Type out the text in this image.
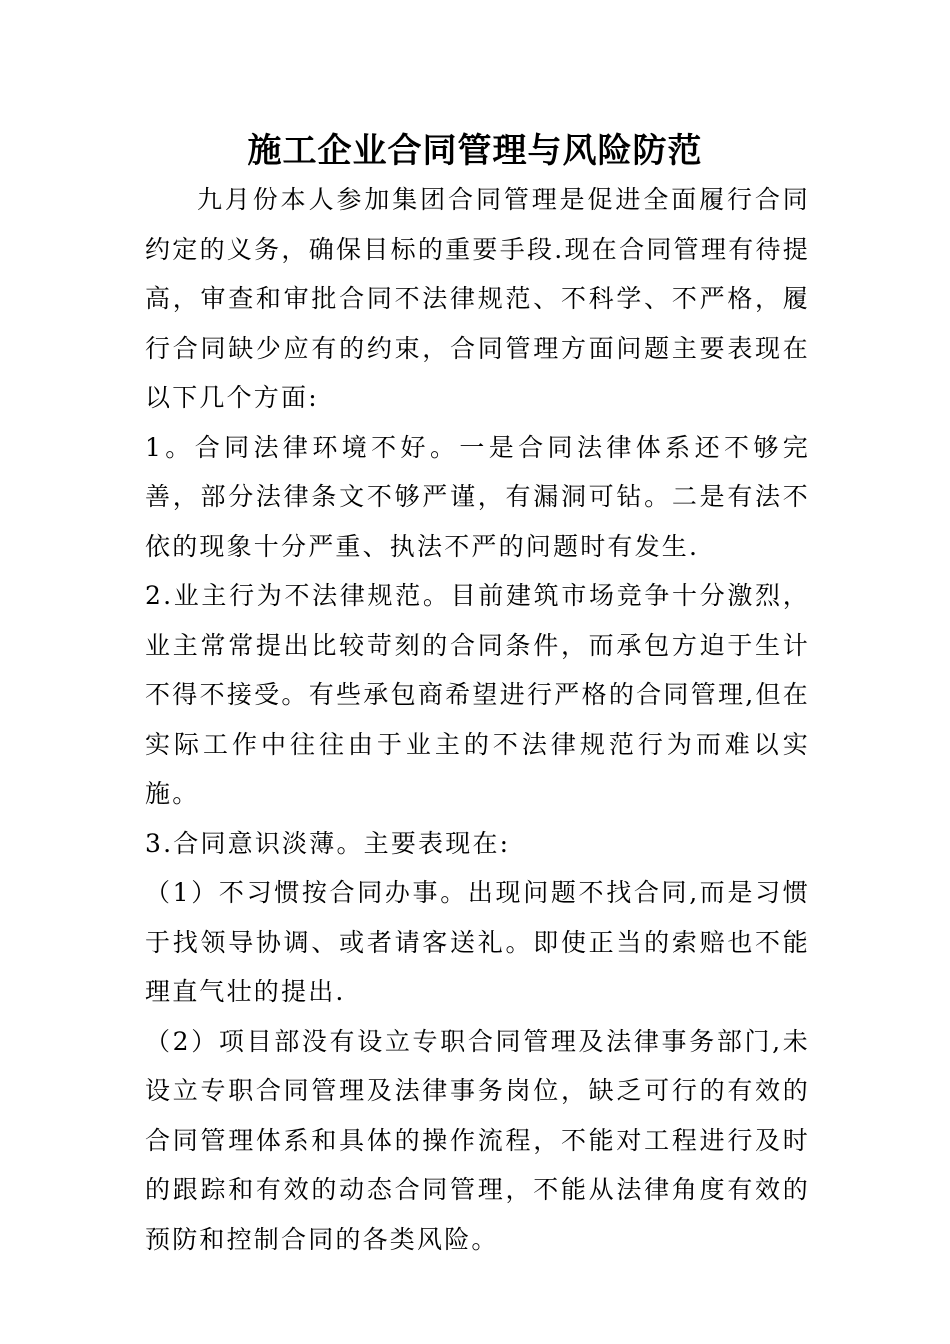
施工企业合同管理与风险防范

九月份本人参加集团合同管理是促进全面履行合同约定的义务，确保目标的重要手段.现在合同管理有待提高，审查和审批合同不法律规范、不科学、不严格，履行合同缺少应有的约束，合同管理方面问题主要表现在以下几个方面:

1。合同法律环境不好。一是合同法律体系还不够完善，部分法律条文不够严谨，有漏洞可钻。二是有法不依的现象十分严重、执法不严的问题时有发生.

2.业主行为不法律规范。目前建筑市场竞争十分激烈，业主常常提出比较苛刻的合同条件，而承包方迫于生计不得不接受。有些承包商希望进行严格的合同管理,但在实际工作中往往由于业主的不法律规范行为而难以实施。

3.合同意识淡薄。主要表现在:

（1）不习惯按合同办事。出现问题不找合同,而是习惯于找领导协调、或者请客送礼。即使正当的索赔也不能理直气壮的提出.

（2）项目部没有设立专职合同管理及法律事务部门,未设立专职合同管理及法律事务岗位，缺乏可行的有效的合同管理体系和具体的操作流程，不能对工程进行及时的跟踪和有效的动态合同管理，不能从法律角度有效的预防和控制合同的各类风险。
